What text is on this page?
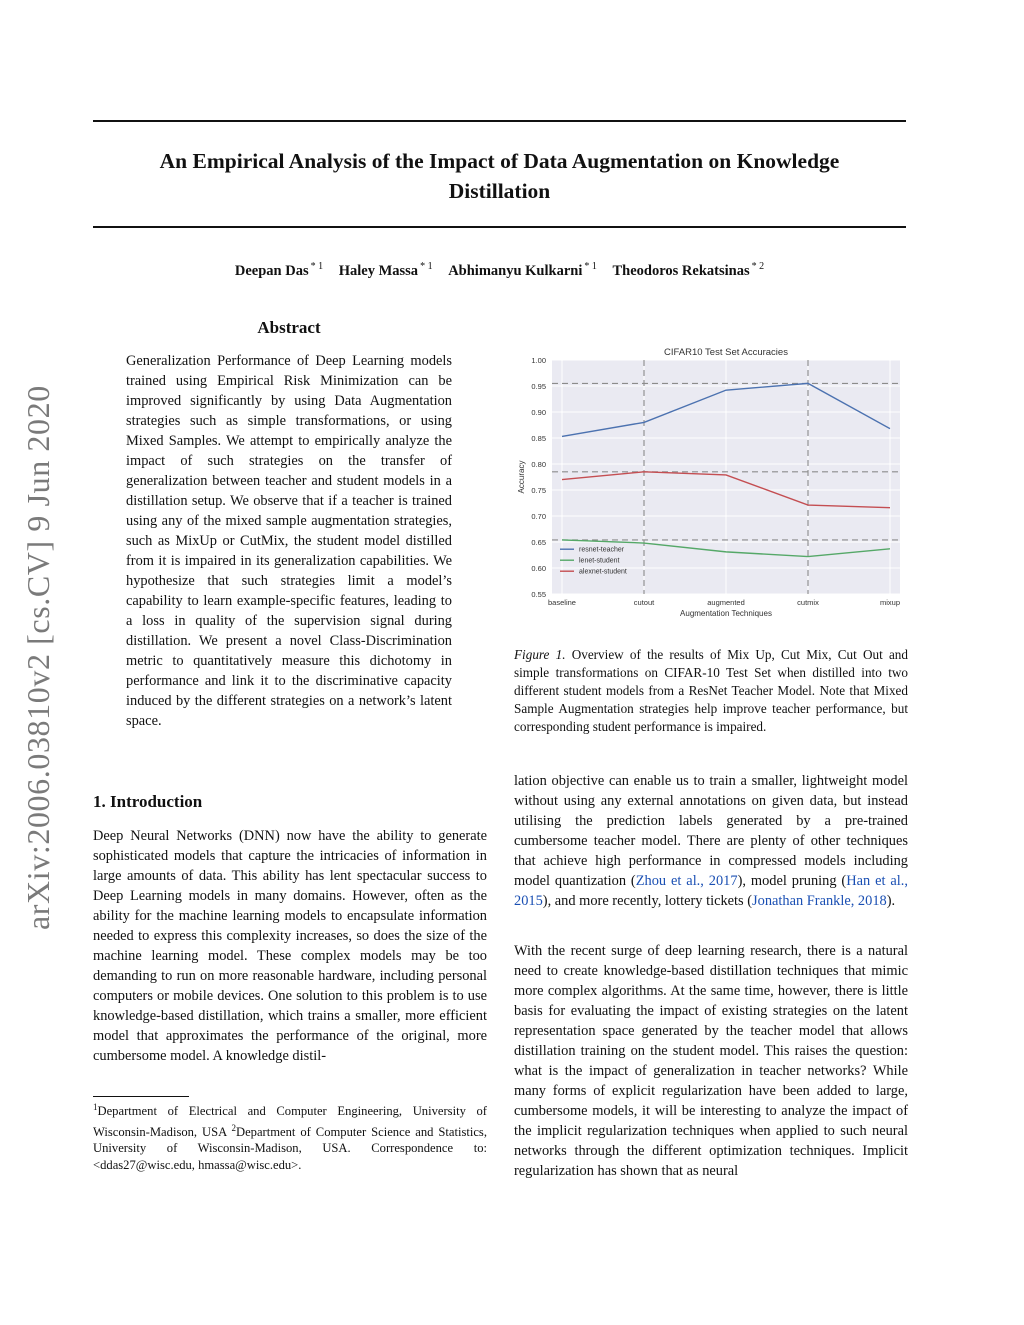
An Empirical Analysis of the Impact of Data Augmentation on Knowledge
Distillation
Deepan Das $^{* 1}$ Haley Massa $^{* 1}$ Abhimanyu Kulkarni $^{* 1}$ Theodoros Rekatsinas $^{* 2}$
arXiv:2006.03810v2 [cs.CV] 9 Jun 2020
Abstract

Generalization Performance of Deep Learning models trained using Empirical Risk Minimization can be improved significantly by using Data Augmentation strategies such as simple transformations, or using Mixed Samples. We attempt to empirically analyze the impact of such strategies on the transfer of generalization between teacher and student models in a distillation setup. We observe that if a teacher is trained using any of the mixed sample augmentation strategies, such as MixUp or CutMix, the student model distilled from it is impaired in its generalization capabilities. We hypothesize that such strategies limit a model’s capability to learn example-specific features, leading to a loss in quality of the supervision signal during distillation. We present a novel Class-Discrimination metric to quantitatively measure this dichotomy in performance and link it to the discriminative capacity induced by the different strategies on a network’s latent space.

1. Introduction

Deep Neural Networks (DNN) now have the ability to generate sophisticated models that capture the intricacies of information in large amounts of data. This ability has lent spectacular success to Deep Learning models in many domains. However, often as the ability for the machine learning models to encapsulate information needed to express this complexity increases, so does the size of the machine learning model. These complex models may be too demanding to run on more reasonable hardware, including personal computers or mobile devices. One solution to this problem is to use knowledge-based distillation, which trains a smaller, more efficient model that approximates the performance of the original, more cumbersome model. A knowledge distil-

$^1$Department of Electrical and Computer Engineering, University of Wisconsin-Madison, USA $^2$Department of Computer Science and Statistics, University of Wisconsin-Madison, USA. Correspondence to: <ddas27@wisc.edu, hmassa@wisc.edu>.

CIFAR10 Test Set Accuracies
0.55
0.60
0.65
0.70
0.75
0.80
0.85
0.90
0.95
1.00
baseline	cutout	augmented	cutmix	mixup
Augmentation Techniques
Accuracy
resnet-teacher
lenet-student
alexnet-student

Figure 1. Overview of the results of Mix Up, Cut Mix, Cut Out and simple transformations on CIFAR-10 Test Set when distilled into two different student models from a ResNet Teacher Model. Note that Mixed Sample Augmentation strategies help improve teacher performance, but corresponding student performance is impaired.

lation objective can enable us to train a smaller, lightweight model without using any external annotations on given data, but instead utilising the prediction labels generated by a pre-trained cumbersome teacher model. There are plenty of other techniques that achieve high performance in compressed models including model quantization (Zhou et al., 2017), model pruning (Han et al., 2015), and more recently, lottery tickets (Jonathan Frankle, 2018).

With the recent surge of deep learning research, there is a natural need to create knowledge-based distillation techniques that mimic more complex algorithms. At the same time, however, there is little basis for evaluating the impact of existing strategies on the latent representation space generated by the teacher model that allows distillation training on the student model. This raises the question: what is the impact of generalization in teacher networks? While many forms of explicit regularization have been added to large, cumbersome models, it will be interesting to analyze the impact of the implicit regularization techniques when applied to such neural networks through the different optimization techniques. Implicit regularization has shown that as neural
